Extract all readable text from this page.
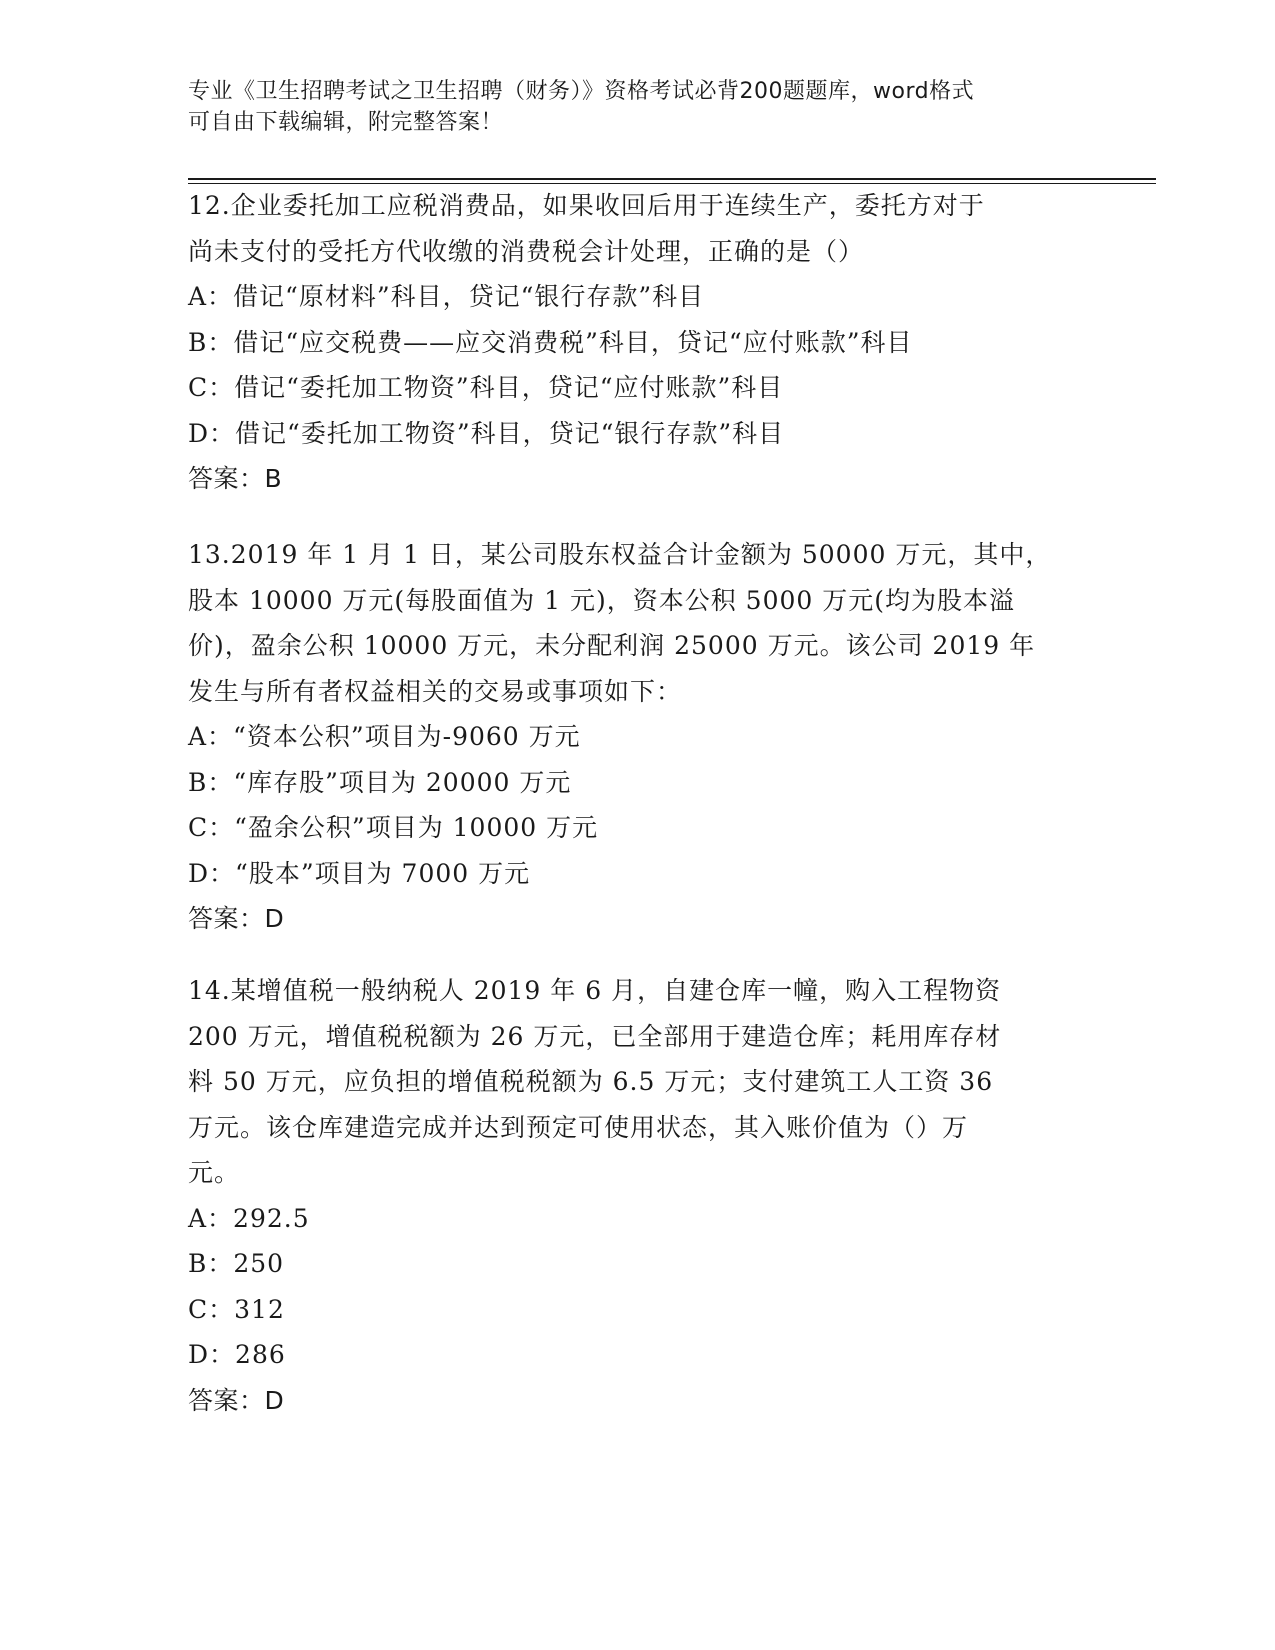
专业《卫生招聘考试之卫生招聘（财务）》资格考试必背200题题库，word格式
可自由下载编辑，附完整答案！
12.企业委托加工应税消费品，如果收回后用于连续生产，委托方对于
尚未支付的受托方代收缴的消费税会计处理，正确的是（）
A：借记“原材料”科目，贷记“银行存款”科目
B：借记“应交税费——应交消费税”科目，贷记“应付账款”科目
C：借记“委托加工物资”科目，贷记“应付账款”科目
D：借记“委托加工物资”科目，贷记“银行存款”科目
答案：B
13.2019 年 1 月 1 日，某公司股东权益合计金额为 50000 万元，其中，
股本 10000 万元(每股面值为 1 元)，资本公积 5000 万元(均为股本溢
价)，盈余公积 10000 万元，未分配利润 25000 万元。该公司 2019 年
发生与所有者权益相关的交易或事项如下：
A：“资本公积”项目为-9060 万元
B：“库存股”项目为 20000 万元
C：“盈余公积”项目为 10000 万元
D：“股本”项目为 7000 万元
答案：D
14.某增值税一般纳税人 2019 年 6 月，自建仓库一幢，购入工程物资
200 万元，增值税税额为 26 万元，已全部用于建造仓库；耗用库存材
料 50 万元，应负担的增值税税额为 6.5 万元；支付建筑工人工资 36
万元。该仓库建造完成并达到预定可使用状态，其入账价值为（）万
元。
A：292.5
B：250
C：312
D：286
答案：D
